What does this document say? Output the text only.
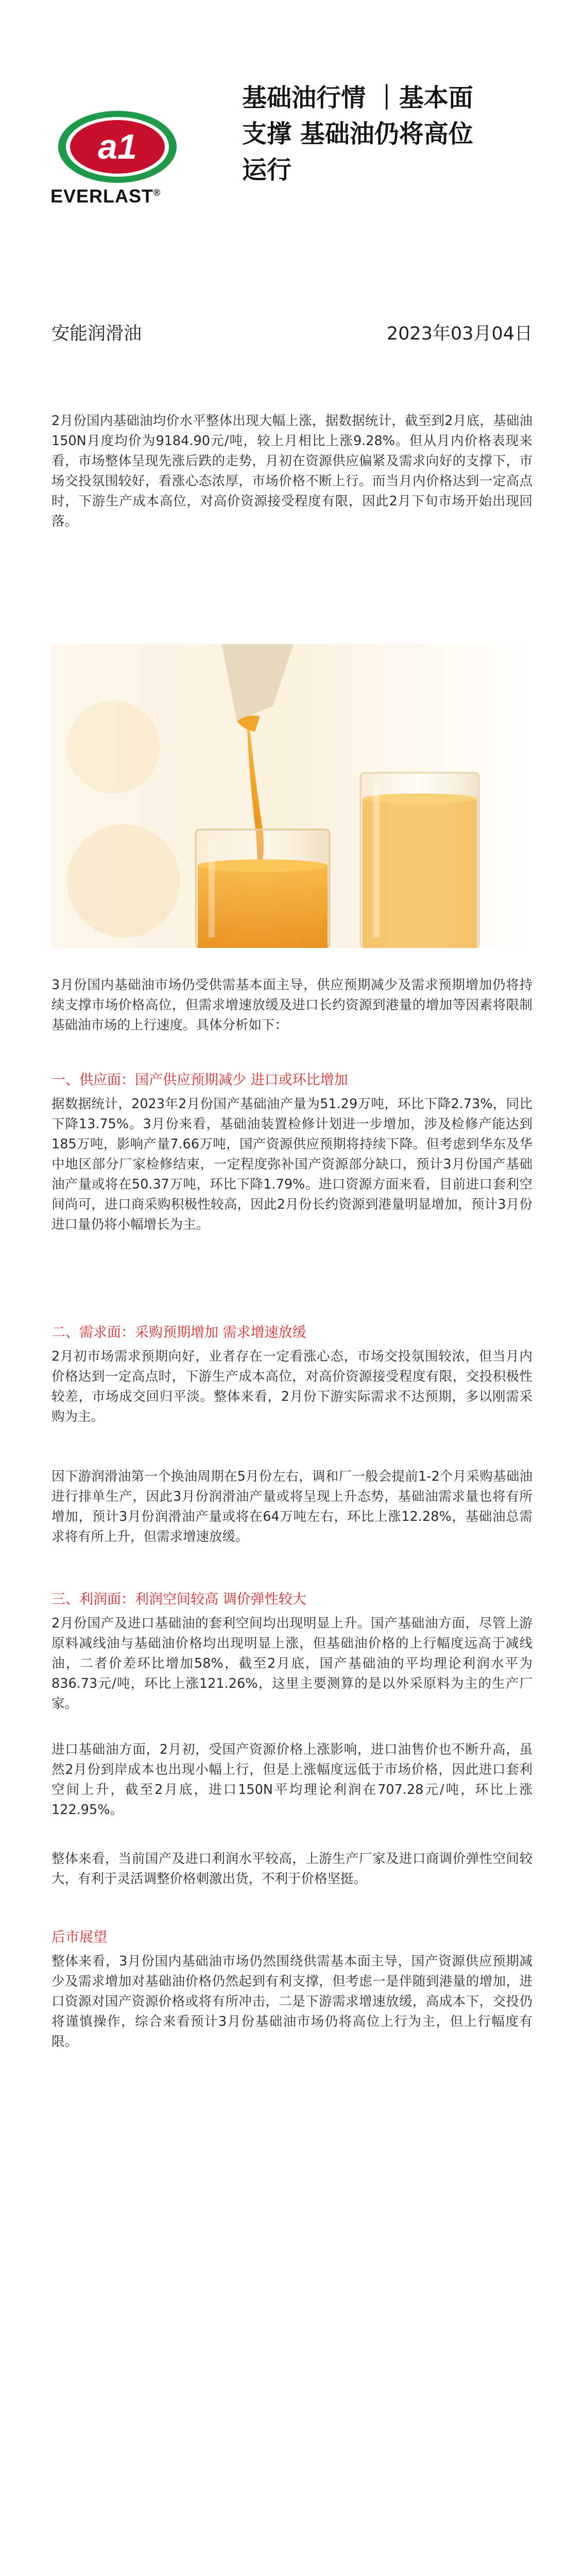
a1
EVERLAST®
基础油行情 ｜基本面
支撑 基础油仍将高位
运行
安能润滑油	2023年03月04日

2月份国内基础油均价水平整体出现大幅上涨，据数据统计，截至到2月底，基础油150N月度均价为9184.90元/吨，较上月相比上涨9.28%。但从月内价格表现来看，市场整体呈现先涨后跌的走势，月初在资源供应偏紧及需求向好的支撑下，市场交投氛围较好，看涨心态浓厚，市场价格不断上行。而当月内价格达到一定高点时，下游生产成本高位，对高价资源接受程度有限，因此2月下旬市场开始出现回落。

3月份国内基础油市场仍受供需基本面主导，供应预期减少及需求预期增加仍将持续支撑市场价格高位，但需求增速放缓及进口长约资源到港量的增加等因素将限制基础油市场的上行速度。具体分析如下：

一、供应面：国产供应预期减少 进口或环比增加

据数据统计，2023年2月份国产基础油产量为51.29万吨，环比下降2.73%，同比下降13.75%。3月份来看，基础油装置检修计划进一步增加，涉及检修产能达到185万吨，影响产量7.66万吨，国产资源供应预期将持续下降。但考虑到华东及华中地区部分厂家检修结束，一定程度弥补国产资源部分缺口，预计3月份国产基础油产量或将在50.37万吨，环比下降1.79%。进口资源方面来看，目前进口套利空间尚可，进口商采购积极性较高，因此2月份长约资源到港量明显增加，预计3月份进口量仍将小幅增长为主。

二、需求面：采购预期增加 需求增速放缓

2月初市场需求预期向好，业者存在一定看涨心态，市场交投氛围较浓，但当月内价格达到一定高点时，下游生产成本高位，对高价资源接受程度有限，交投积极性较差，市场成交回归平淡。整体来看，2月份下游实际需求不达预期，多以刚需采购为主。

因下游润滑油第一个换油周期在5月份左右，调和厂一般会提前1-2个月采购基础油进行排单生产，因此3月份润滑油产量或将呈现上升态势，基础油需求量也将有所增加，预计3月份润滑油产量或将在64万吨左右，环比上涨12.28%，基础油总需求将有所上升，但需求增速放缓。

三、利润面：利润空间较高 调价弹性较大

2月份国产及进口基础油的套利空间均出现明显上升。国产基础油方面，尽管上游原料减线油与基础油价格均出现明显上涨，但基础油价格的上行幅度远高于减线油，二者价差环比增加58%，截至2月底，国产基础油的平均理论利润水平为836.73元/吨，环比上涨121.26%，这里主要测算的是以外采原料为主的生产厂家。

进口基础油方面，2月初，受国产资源价格上涨影响，进口油售价也不断升高，虽然2月份到岸成本也出现小幅上行，但是上涨幅度远低于市场价格，因此进口套利空间上升，截至2月底，进口150N平均理论利润在707.28元/吨，环比上涨122.95%。

整体来看，当前国产及进口利润水平较高，上游生产厂家及进口商调价弹性空间较大，有利于灵活调整价格刺激出货，不利于价格坚挺。

后市展望

整体来看，3月份国内基础油市场仍然围绕供需基本面主导，国产资源供应预期减少及需求增加对基础油价格仍然起到有利支撑，但考虑一是伴随到港量的增加，进口资源对国产资源价格或将有所冲击，二是下游需求增速放缓，高成本下，交投仍将谨慎操作，综合来看预计3月份基础油市场仍将高位上行为主，但上行幅度有限。
